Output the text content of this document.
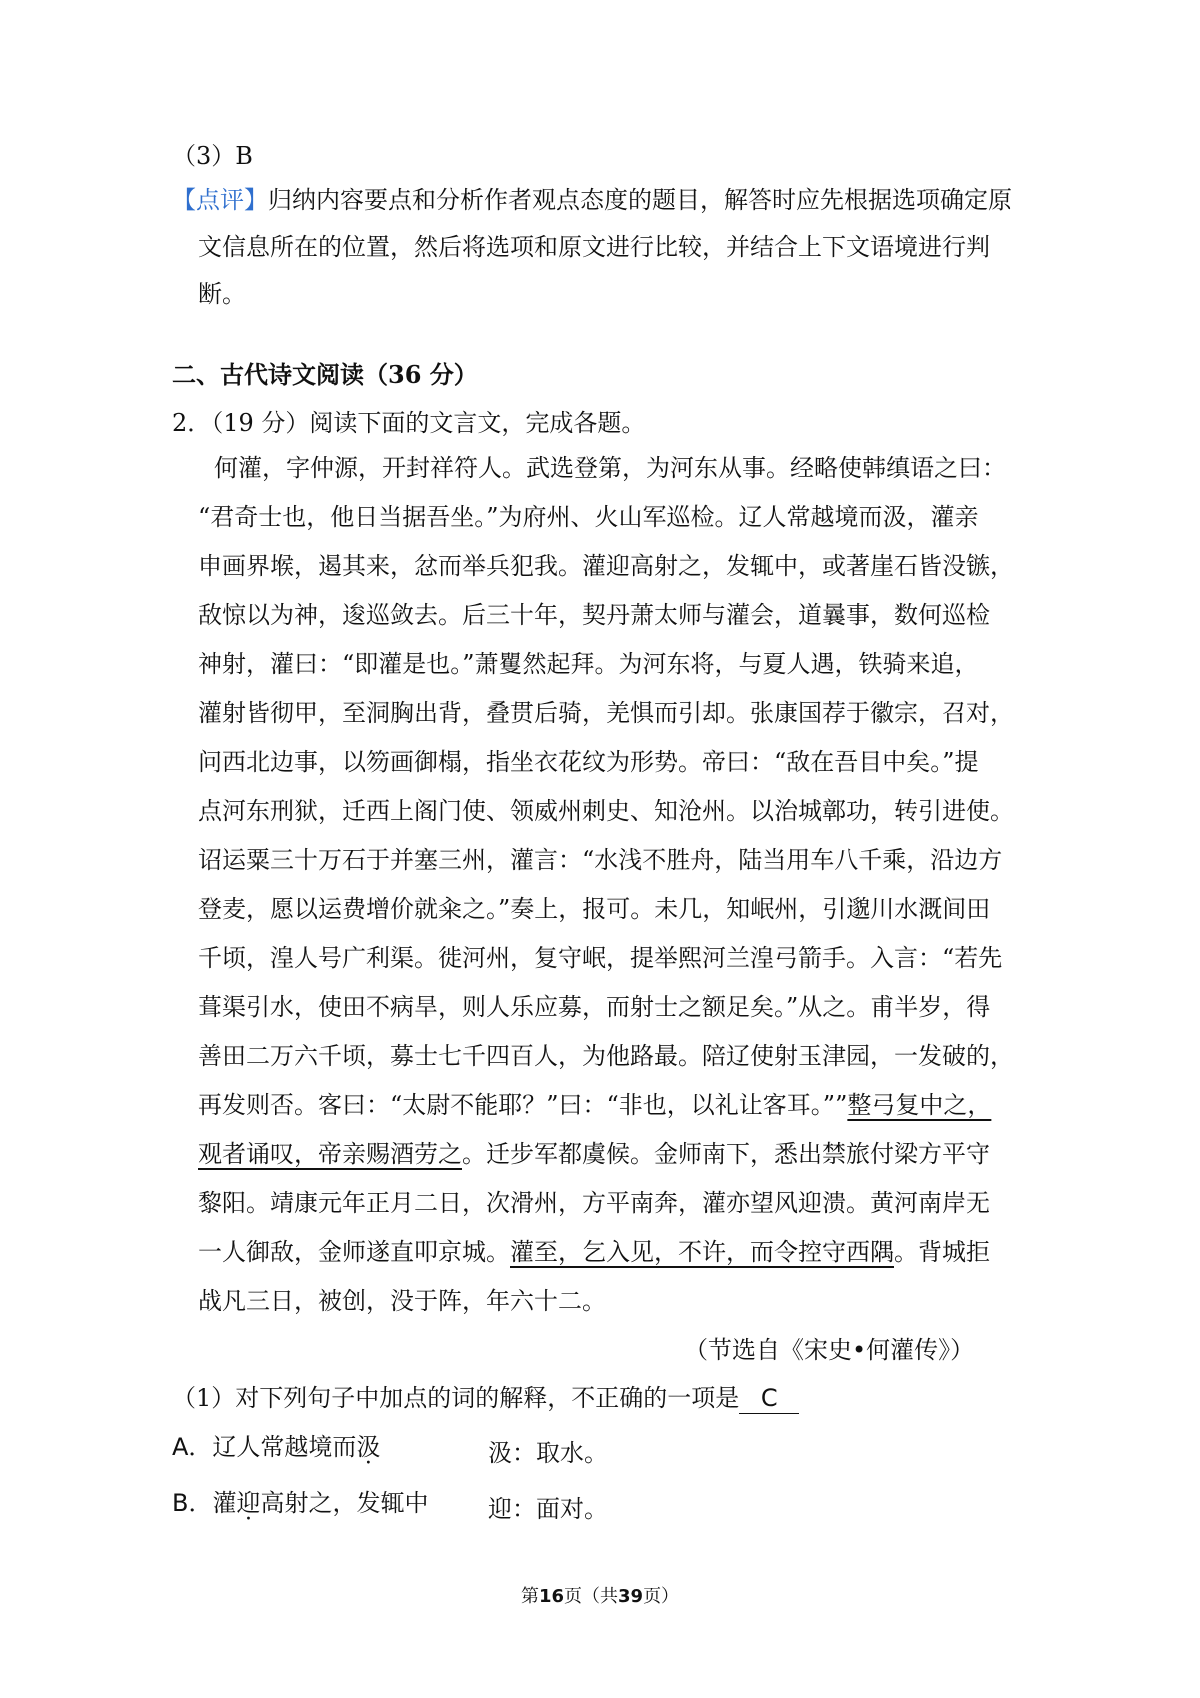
（3）B
【点评】归纳内容要点和分析作者观点态度的题目，解答时应先根据选项确定原
文信息所在的位置，然后将选项和原文进行比较，并结合上下文语境进行判
断。
二、古代诗文阅读（36 分）
2．（19 分）阅读下面的文言文，完成各题。
何灌，字仲源，开封祥符人。武选登第，为河东从事。经略使韩缜语之曰：
“君奇士也，他日当据吾坐。”为府州、火山军巡检。辽人常越境而汲，灌亲
申画界堠，遏其来，忿而举兵犯我。灌迎高射之，发辄中，或著崖石皆没镞，
敌惊以为神，逡巡敛去。后三十年，契丹萧太师与灌会，道曩事，数何巡检
神射，灌曰：“即灌是也。”萧矍然起拜。为河东将，与夏人遇，铁骑来追，
灌射皆彻甲，至洞胸出背，叠贯后骑，羌惧而引却。张康国荐于徽宗，召对，
问西北边事，以笏画御榻，指坐衣花纹为形势。帝曰：“敌在吾目中矣。”提
点河东刑狱，迁西上阁门使、领威州刺史、知沧州。以治城鄣功，转引进使。
诏运粟三十万石于并塞三州，灌言：“水浅不胜舟，陆当用车八千乘，沿边方
登麦，愿以运费增价就籴之。”奏上，报可。未几，知岷州，引邈川水溉间田
千顷，湟人号广利渠。徙河州，复守岷，提举熙河兰湟弓箭手。入言：“若先
葺渠引水，使田不病旱，则人乐应募，而射士之额足矣。”从之。甫半岁，得
善田二万六千顷，募士七千四百人，为他路最。陪辽使射玉津园，一发破的，
再发则否。客曰：“太尉不能耶？”曰：“非也，以礼让客耳。””整弓复中之，
观者诵叹，帝亲赐酒劳之。迁步军都虞候。金师南下，悉出禁旅付梁方平守
黎阳。靖康元年正月二日，次滑州，方平南奔，灌亦望风迎溃。黄河南岸无
一人御敌，金师遂直叩京城。灌至，乞入见，不许，而令控守西隅。背城拒
战凡三日，被创，没于阵，年六十二。
（节选自《宋史•何灌传》）
（1）对下列句子中加点的词的解释，不正确的一项是 C
A．辽人常越境而汲	汲：取水。
B．灌迎高射之，发辄中 迎：面对。
第16页（共39页）
